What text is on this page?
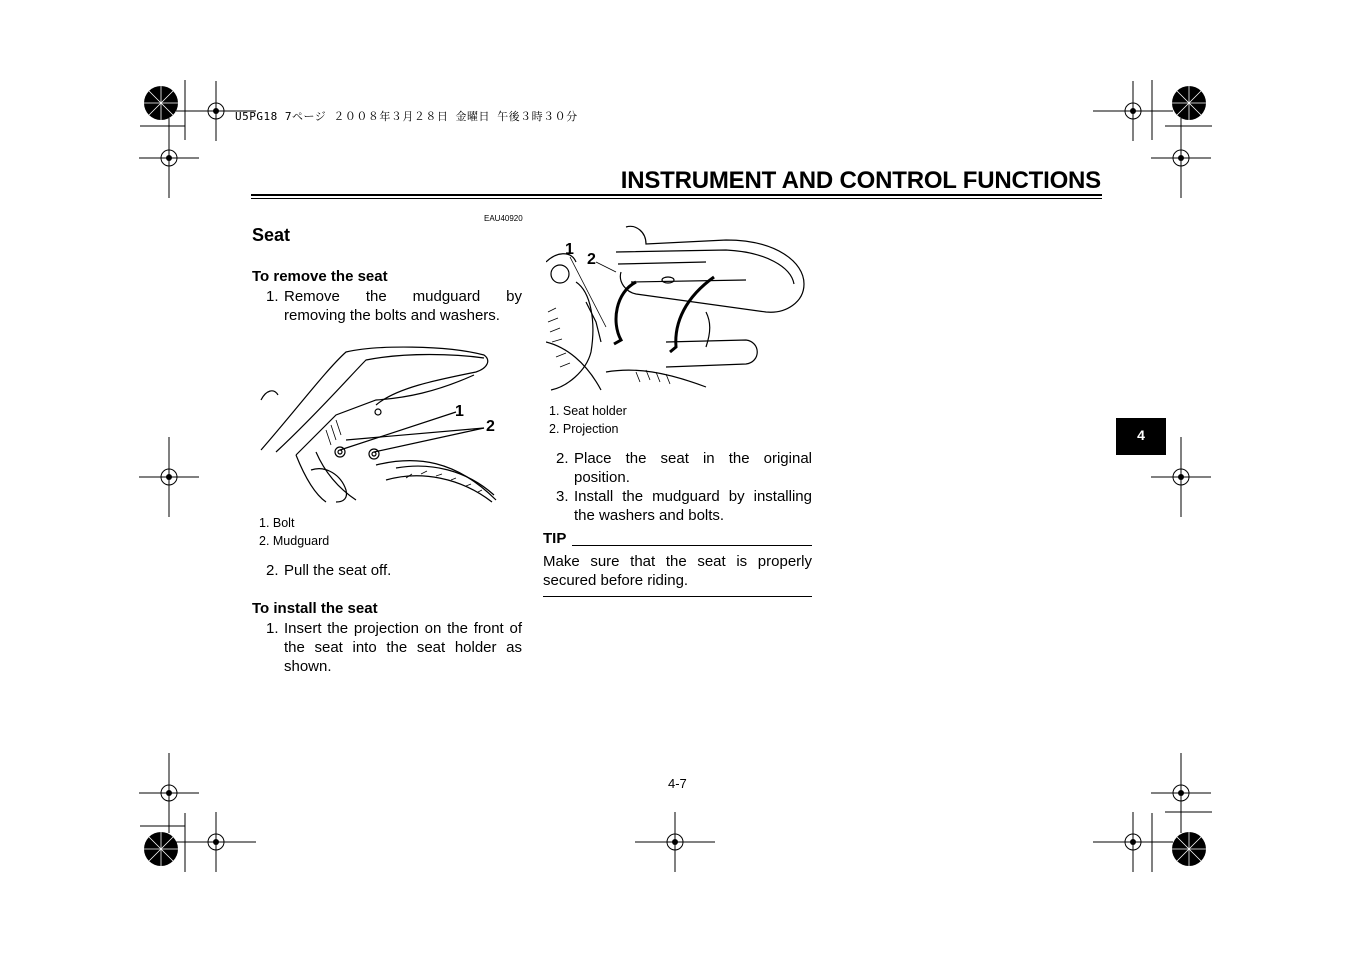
U5PG18 7ページ ２００８年３月２８日 金曜日 午後３時３０分
INSTRUMENT AND CONTROL FUNCTIONS
EAU40920
Seat
To remove the seat
1. Remove the mudguard by removing the bolts and washers.
1
2
1. Bolt
2. Mudguard
2. Pull the seat off.
To install the seat
1. Insert the projection on the front of the seat into the seat holder as shown.
1
2
1. Seat holder
2. Projection
2. Place the seat in the original position.
3. Install the mudguard by installing the washers and bolts.
TIP
Make sure that the seat is properly secured before riding.
4
4-7
